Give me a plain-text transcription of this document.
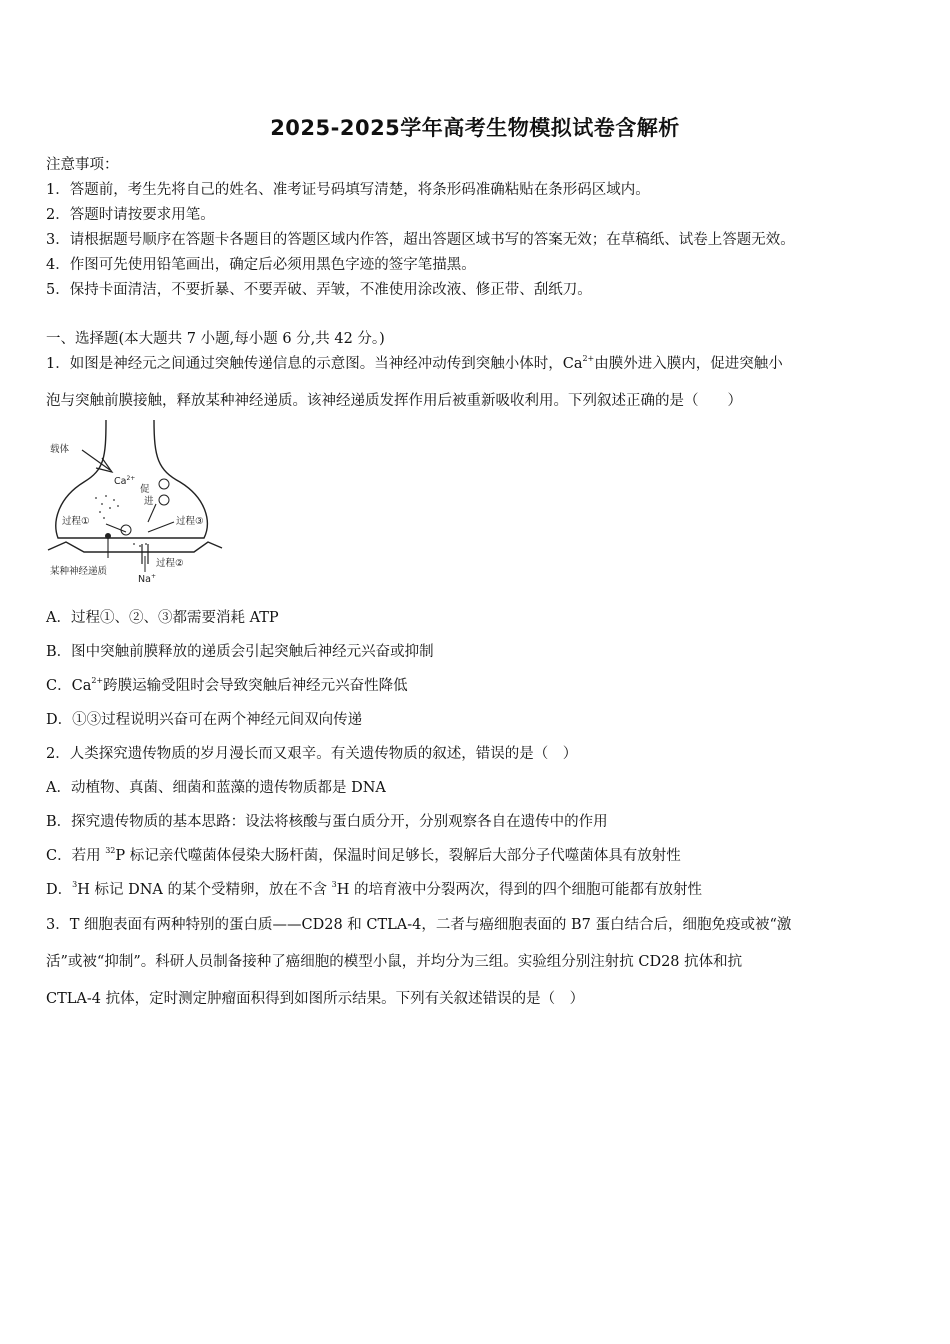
2025-2025学年高考生物模拟试卷含解析
注意事项：
1．答题前，考生先将自己的姓名、准考证号码填写清楚，将条形码准确粘贴在条形码区域内。
2．答题时请按要求用笔。
3．请根据题号顺序在答题卡各题目的答题区域内作答，超出答题区域书写的答案无效；在草稿纸、试卷上答题无效。
4．作图可先使用铅笔画出，确定后必须用黑色字迹的签字笔描黑。
5．保持卡面清洁，不要折暴、不要弄破、弄皱，不准使用涂改液、修正带、刮纸刀。
一、选择题(本大题共 7 小题,每小题 6 分,共 42 分。)
1．如图是神经元之间通过突触传递信息的示意图。当神经冲动传到突触小体时，$Ca^{2+}$由膜外进入膜内，促进突触小
泡与突触前膜接触，释放某种神经递质。该神经递质发挥作用后被重新吸收利用。下列叙述正确的是（　　）
载体
$Ca^{2+}$
促
进
过程①	过程③
过程②
某种神经递质
Na+
A．过程①、②、③都需要消耗 ATP
B．图中突触前膜释放的递质会引起突触后神经元兴奋或抑制
C．$Ca^{2+}$跨膜运输受阻时会导致突触后神经元兴奋性降低
D．①③过程说明兴奋可在两个神经元间双向传递
2．人类探究遗传物质的岁月漫长而又艰辛。有关遗传物质的叙述，错误的是（　）
A．动植物、真菌、细菌和蓝藻的遗传物质都是 DNA
B．探究遗传物质的基本思路：设法将核酸与蛋白质分开，分别观察各自在遗传中的作用
C．若用 $^{32}$P 标记亲代噬菌体侵染大肠杆菌，保温时间足够长，裂解后大部分子代噬菌体具有放射性
D．$^3$H 标记 DNA 的某个受精卵，放在不含 $^3$H 的培育液中分裂两次，得到的四个细胞可能都有放射性
3．T 细胞表面有两种特别的蛋白质——CD28 和 CTLA-4，二者与癌细胞表面的 B7 蛋白结合后，细胞免疫或被“激
活”或被“抑制”。科研人员制备接种了癌细胞的模型小鼠，并均分为三组。实验组分别注射抗 CD28 抗体和抗
CTLA-4 抗体，定时测定肿瘤面积得到如图所示结果。下列有关叙述错误的是（　）
